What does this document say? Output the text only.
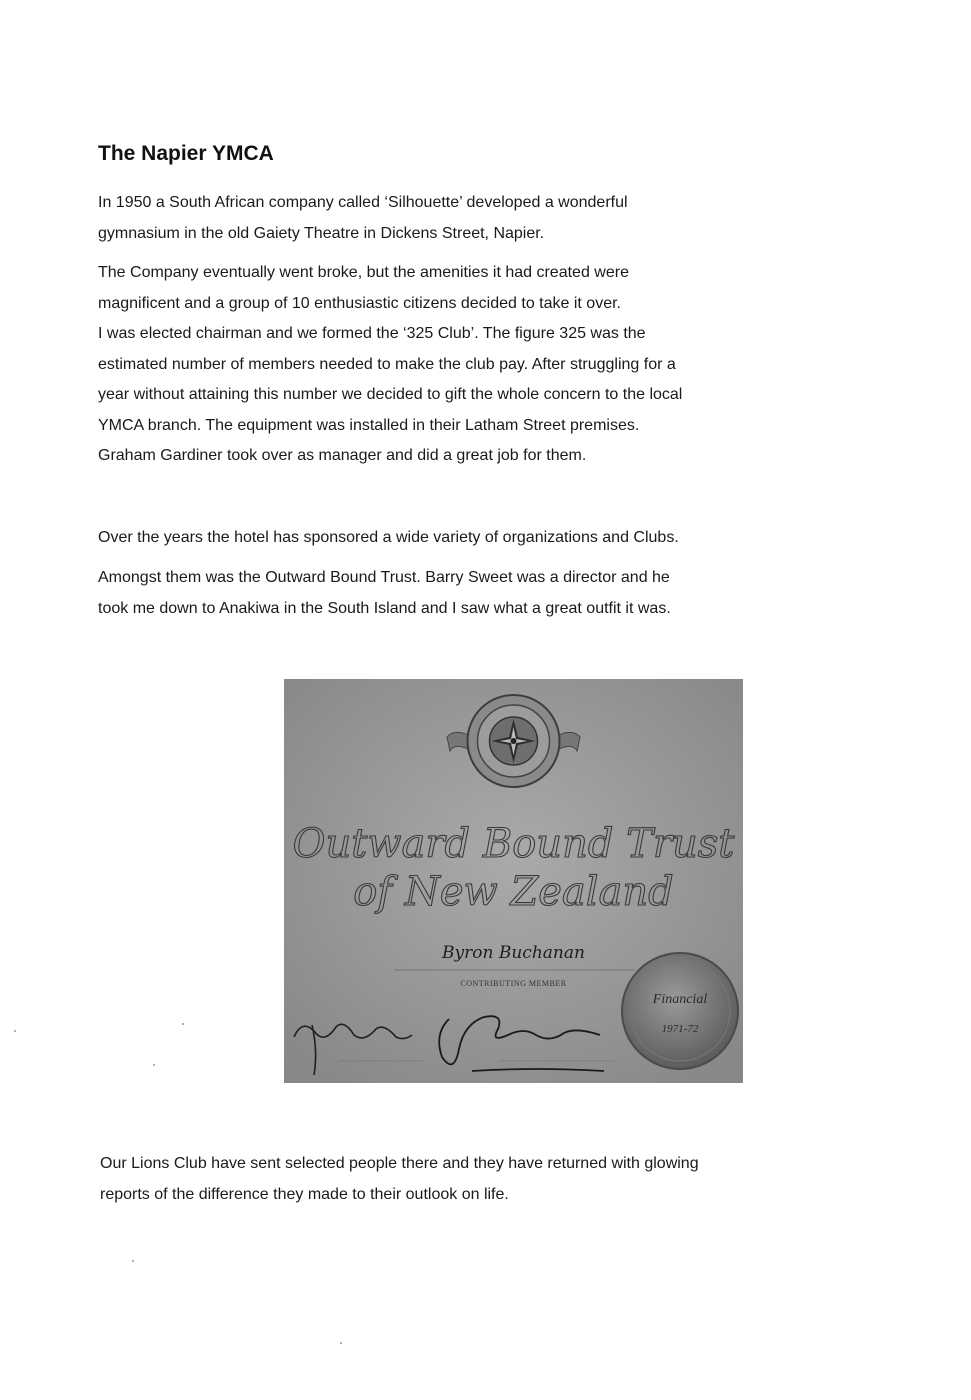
The Napier YMCA

In 1950 a South African company called ‘Silhouette’ developed a wonderful
gymnasium in the old Gaiety Theatre in Dickens Street, Napier.

The Company eventually went broke, but the amenities it had created were
magnificent and a group of 10 enthusiastic citizens decided to take it over.
I was elected chairman and we formed the ‘325 Club’. The figure 325 was the
estimated number of members needed to make the club pay. After struggling for a
year without attaining this number we decided to gift the whole concern to the local
YMCA branch. The equipment was installed in their Latham Street premises.
Graham Gardiner took over as manager and did a great job for them.

Over the years the hotel has sponsored a wide variety of organizations and Clubs.

Amongst them was the Outward Bound Trust. Barry Sweet was a director and he
took me down to Anakiwa in the South Island and I saw what a great outfit it was.

Outward Bound Trust
of New Zealand
Financial
Byron Buchanan
CONTRIBUTING MEMBER
1971-72

Our Lions Club have sent selected people there and they have returned with glowing
reports of the difference they made to their outlook on life.
